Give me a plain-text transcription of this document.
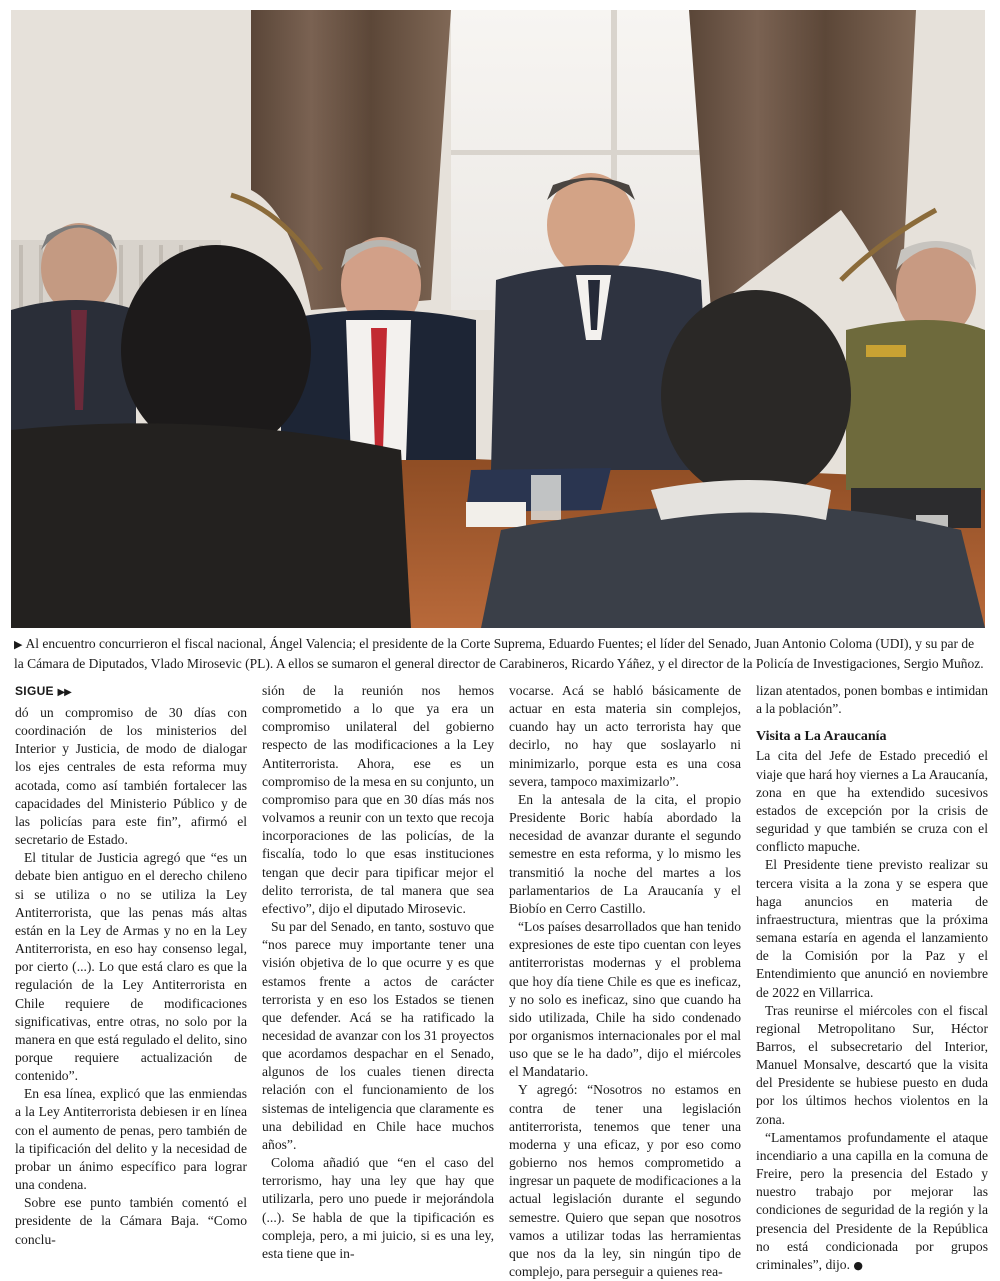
▶ Al encuentro concurrieron el fiscal nacional, Ángel Valencia; el presidente de la Corte Suprema, Eduardo Fuentes; el líder del Senado, Juan Antonio Coloma (UDI), y su par de la Cámara de Diputados, Vlado Mirosevic (PL). A ellos se sumaron el general director de Carabineros, Ricardo Yáñez, y el director de la Policía de Investigaciones, Sergio Muñoz.
SIGUE ▶▶

dó un compromiso de 30 días con coordinación de los ministerios del Interior y Justicia, de modo de dialogar los ejes centrales de esta reforma muy acotada, como así también fortalecer las capacidades del Ministerio Público y de las policías para este fin”, afirmó el secretario de Estado.

El titular de Justicia agregó que “es un debate bien antiguo en el derecho chileno si se utiliza o no se utiliza la Ley Antiterrorista, que las penas más altas están en la Ley de Armas y no en la Ley Antiterrorista, en eso hay consenso legal, por cierto (...). Lo que está claro es que la regulación de la Ley Antiterrorista en Chile requiere de modificaciones significativas, entre otras, no solo por la manera en que está regulado el delito, sino porque requiere actualización de contenido”.

En esa línea, explicó que las enmiendas a la Ley Antiterrorista debiesen ir en línea con el aumento de penas, pero también de la tipificación del delito y la necesidad de probar un ánimo específico para lograr una condena.

Sobre ese punto también comentó el presidente de la Cámara Baja. “Como conclu-

sión de la reunión nos hemos comprometido a lo que ya era un compromiso unilateral del gobierno respecto de las modificaciones a la Ley Antiterrorista. Ahora, ese es un compromiso de la mesa en su conjunto, un compromiso para que en 30 días más nos volvamos a reunir con un texto que recoja incorporaciones de las policías, de la fiscalía, todo lo que esas instituciones tengan que decir para tipificar mejor el delito terrorista, de tal manera que sea efectivo”, dijo el diputado Mirosevic.

Su par del Senado, en tanto, sostuvo que “nos parece muy importante tener una visión objetiva de lo que ocurre y es que estamos frente a actos de carácter terrorista y en eso los Estados se tienen que defender. Acá se ha ratificado la necesidad de avanzar con los 31 proyectos que acordamos despachar en el Senado, algunos de los cuales tienen directa relación con el funcionamiento de los sistemas de inteligencia que claramente es una debilidad en Chile hace muchos años”.

Coloma añadió que “en el caso del terrorismo, hay una ley que hay que utilizarla, pero uno puede ir mejorándola (...). Se habla de que la tipificación es compleja, pero, a mi juicio, si es una ley, esta tiene que in-

vocarse. Acá se habló básicamente de actuar en esta materia sin complejos, cuando hay un acto terrorista hay que decirlo, no hay que soslayarlo ni minimizarlo, porque esta es una cosa severa, tampoco maximizarlo”.

En la antesala de la cita, el propio Presidente Boric había abordado la necesidad de avanzar durante el segundo semestre en esta reforma, y lo mismo les transmitió la noche del martes a los parlamentarios de La Araucanía y el Biobío en Cerro Castillo.

“Los países desarrollados que han tenido expresiones de este tipo cuentan con leyes antiterroristas modernas y el problema que hoy día tiene Chile es que es ineficaz, y no solo es ineficaz, sino que cuando ha sido utilizada, Chile ha sido condenado por organismos internacionales por el mal uso que se le ha dado”, dijo el miércoles el Mandatario.

Y agregó: “Nosotros no estamos en contra de tener una legislación antiterrorista, tenemos que tener una moderna y una eficaz, y por eso como gobierno nos hemos comprometido a ingresar un paquete de modificaciones a la actual legislación durante el segundo semestre. Quiero que sepan que nosotros vamos a utilizar todas las herramientas que nos da la ley, sin ningún tipo de complejo, para perseguir a quienes rea-

lizan atentados, ponen bombas e intimidan a la población”.

Visita a La Araucanía

La cita del Jefe de Estado precedió el viaje que hará hoy viernes a La Araucanía, zona en que ha extendido sucesivos estados de excepción por la crisis de seguridad y que también se cruza con el conflicto mapuche.

El Presidente tiene previsto realizar su tercera visita a la zona y se espera que haga anuncios en materia de infraestructura, mientras que la próxima semana estaría en agenda el lanzamiento de la Comisión por la Paz y el Entendimiento que anunció en noviembre de 2022 en Villarrica.

Tras reunirse el miércoles con el fiscal regional Metropolitano Sur, Héctor Barros, el subsecretario del Interior, Manuel Monsalve, descartó que la visita del Presidente se hubiese puesto en duda por los últimos hechos violentos en la zona.

“Lamentamos profundamente el ataque incendiario a una capilla en la comuna de Freire, pero la presencia del Estado y nuestro trabajo por mejorar las condiciones de seguridad de la región y la presencia del Presidente de la República no está condicionada por grupos criminales”, dijo. ●
